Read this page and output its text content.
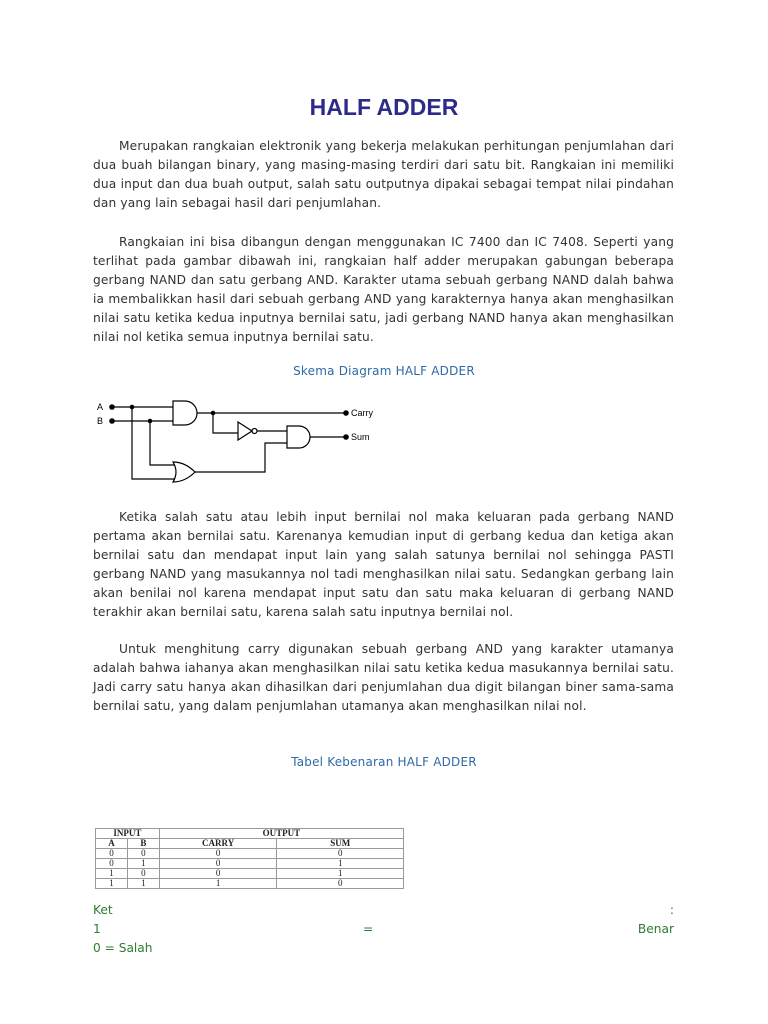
HALF ADDER

Merupakan rangkaian elektronik yang bekerja melakukan perhitungan penjumlahan dari dua buah bilangan binary, yang masing-masing terdiri dari satu bit. Rangkaian ini memiliki dua input dan dua buah output, salah satu outputnya dipakai sebagai tempat nilai pindahan dan yang lain sebagai hasil dari penjumlahan.

Rangkaian ini bisa dibangun dengan menggunakan IC 7400 dan IC 7408. Seperti yang terlihat pada gambar dibawah ini, rangkaian half adder merupakan gabungan beberapa gerbang NAND dan satu gerbang AND. Karakter utama sebuah gerbang NAND dalah bahwa ia membalikkan hasil dari sebuah gerbang AND yang karakternya hanya akan menghasilkan nilai satu ketika kedua inputnya bernilai satu, jadi gerbang NAND hanya akan menghasilkan nilai nol ketika semua inputnya bernilai satu.

Skema Diagram HALF ADDER

A
B
Carry
Sum

Ketika salah satu atau lebih input bernilai nol maka keluaran pada gerbang NAND pertama akan bernilai satu. Karenanya kemudian input di gerbang kedua dan ketiga akan bernilai satu dan mendapat input lain yang salah satunya bernilai nol sehingga PASTI gerbang NAND yang masukannya nol tadi menghasilkan nilai satu. Sedangkan gerbang lain akan benilai nol karena mendapat input satu dan satu maka keluaran di gerbang NAND terakhir akan bernilai satu, karena salah satu inputnya bernilai nol.

Untuk menghitung carry digunakan sebuah gerbang AND yang karakter utamanya adalah bahwa iahanya akan menghasilkan nilai satu ketika kedua masukannya bernilai satu. Jadi carry satu hanya akan dihasilkan dari penjumlahan dua digit bilangan biner sama-sama bernilai satu, yang dalam penjumlahan utamanya akan menghasilkan nilai nol.

Tabel Kebenaran HALF ADDER

INPUT		OUTPUT	
A	B	CARRY	SUM
0	0	0	0
0	1	0	1
1	0	0	1
1	1	1	0
Ket	:
1	=	Benar
0 = Salah
